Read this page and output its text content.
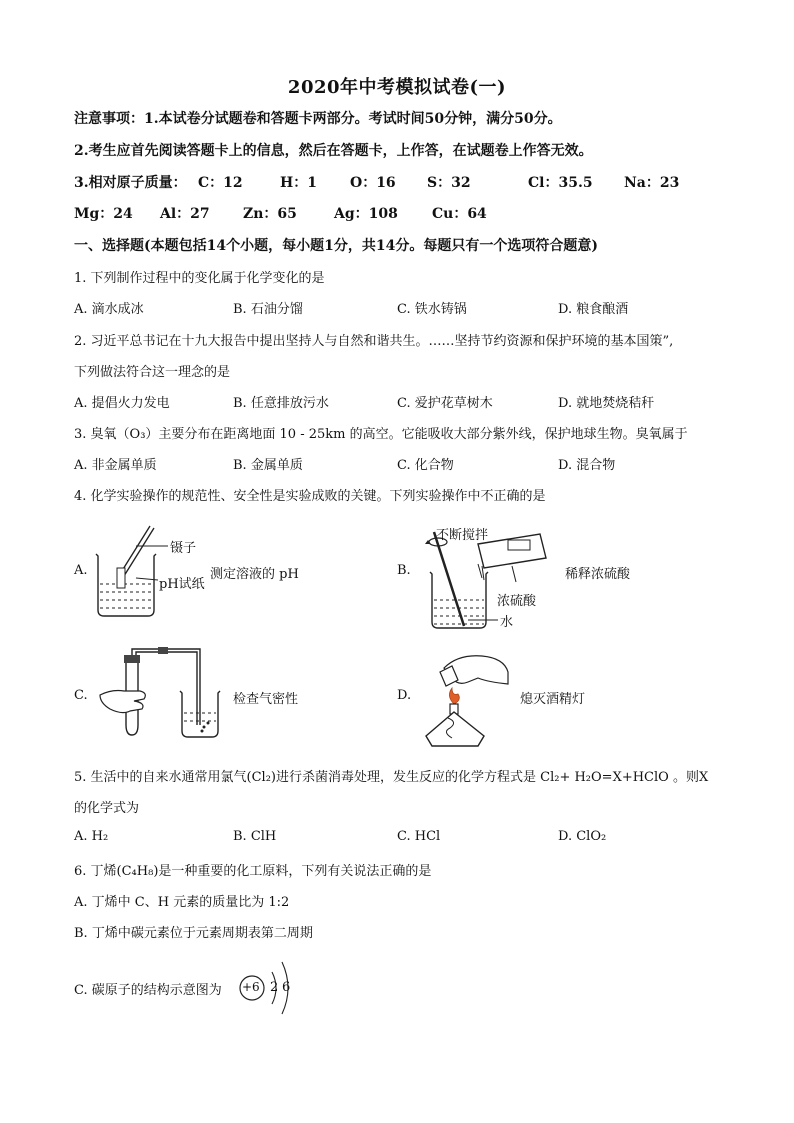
2020年中考模拟试卷(一)
注意事项：1.本试卷分试题卷和答题卡两部分。考试时间50分钟，满分50分。
2.考生应首先阅读答题卡上的信息，然后在答题卡，上作答，在试题卷上作答无效。
3.相对原子质量： C：12	H：1 O：16 S：32	Cl：35.5 Na：23
Mg：24 Al：27 Zn：65	Ag：108 Cu：64
一、选择题(本题包括14个小题，每小题1分，共14分。每题只有一个选项符合题意)
1. 下列制作过程中的变化属于化学变化的是
A. 滴水成冰	B. 石油分馏	C. 铁水铸锅	D. 粮食酿酒
2. 习近平总书记在十九大报告中提出坚持人与自然和谐共生。……坚持节约资源和保护环境的基本国策”,
下列做法符合这一理念的是
A. 提倡火力发电	B. 任意排放污水	C. 爱护花草树木	D. 就地焚烧秸秆
3. 臭氧（O₃）主要分布在距离地面 10 - 25km 的高空。它能吸收大部分紫外线，保护地球生物。臭氧属于
A. 非金属单质	B. 金属单质	C. 化合物	D. 混合物
4. 化学实验操作的规范性、安全性是实验成败的关键。下列实验操作中不正确的是
A.
镊子
pH试纸
测定溶液的 pH	B.
不断搅拌
浓硫酸
水
稀释浓硫酸
C.	检查气密性	D.	熄灭酒精灯
5. 生活中的自来水通常用氯气(Cl₂)进行杀菌消毒处理，发生反应的化学方程式是 Cl₂+ H₂O=X+HClO 。则X
的化学式为
A. H₂	B. ClH	C. HCl	D. ClO₂
6. 丁烯(C₄H₈)是一种重要的化工原料，下列有关说法正确的是
A. 丁烯中 C、H 元素的质量比为 1:2
B. 丁烯中碳元素位于元素周期表第二周期
C. 碳原子的结构示意图为 +6 2 6
